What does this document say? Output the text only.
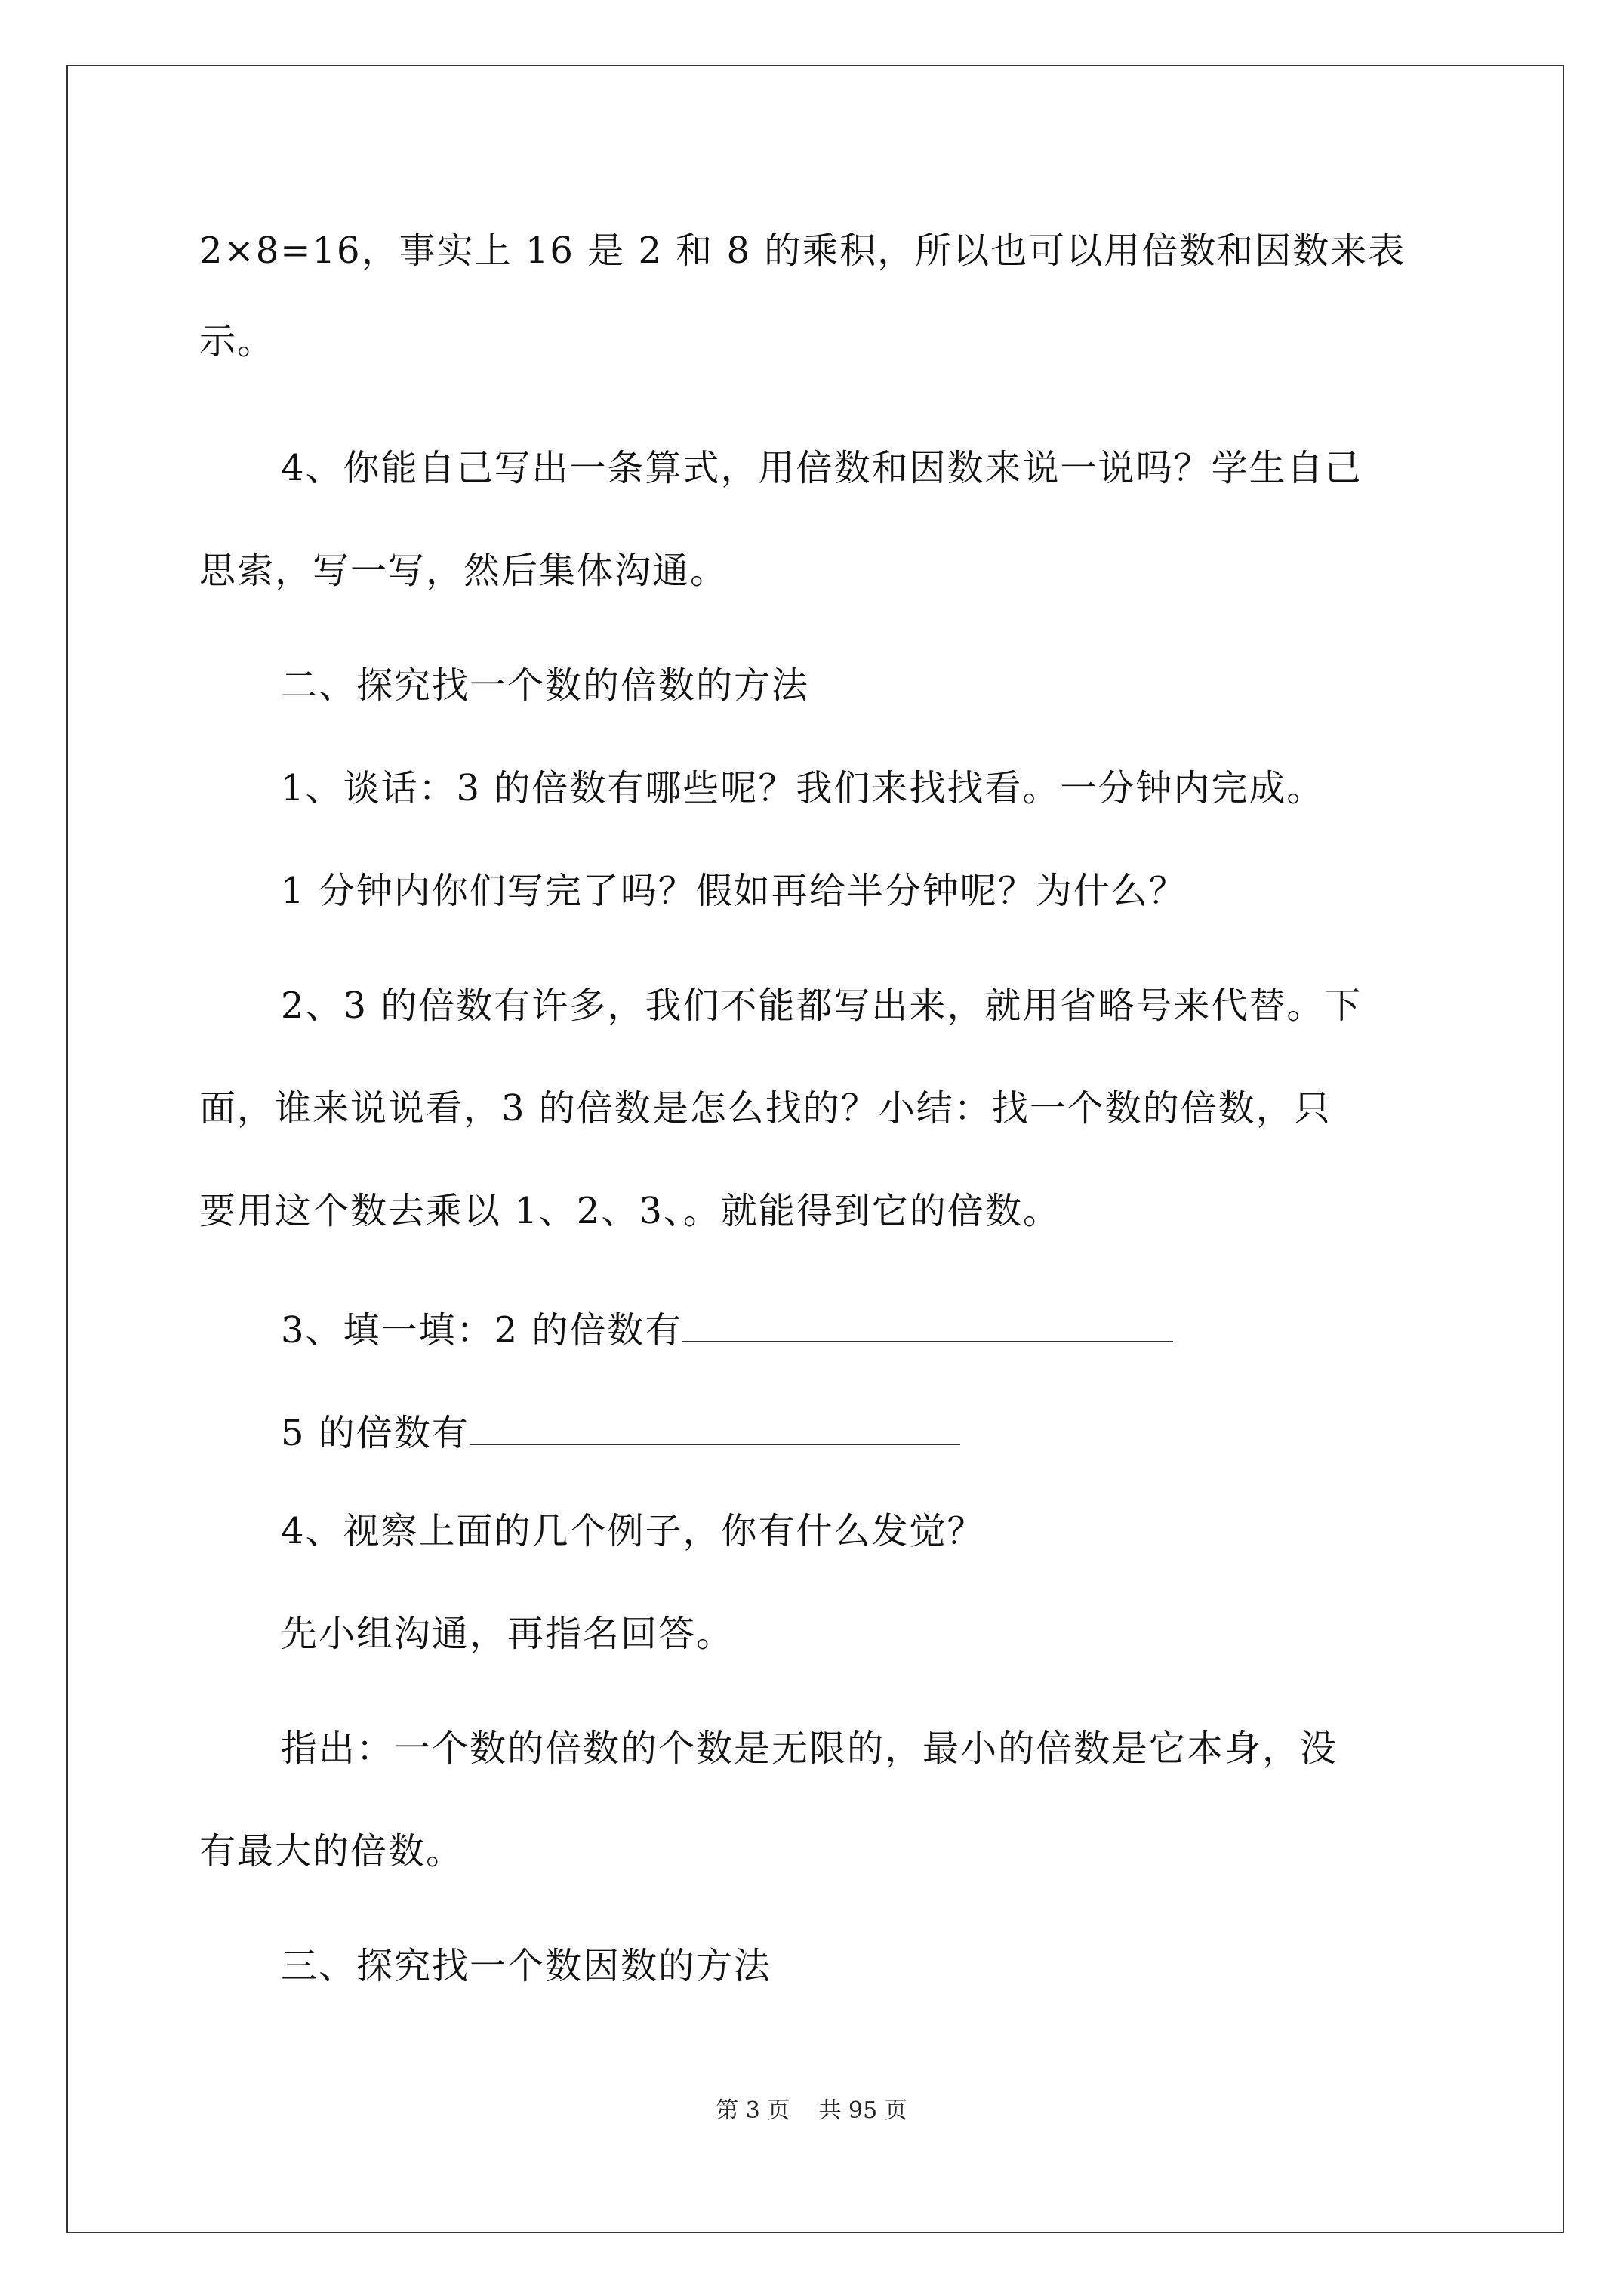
2×8=16，事实上 16 是 2 和 8 的乘积，所以也可以用倍数和因数来表
示。
4、你能自己写出一条算式，用倍数和因数来说一说吗？学生自己
思索，写一写，然后集体沟通。
二、探究找一个数的倍数的方法
1、谈话：3 的倍数有哪些呢？我们来找找看。一分钟内完成。
1 分钟内你们写完了吗？假如再给半分钟呢？为什么？
2、3 的倍数有许多，我们不能都写出来，就用省略号来代替。下
面，谁来说说看，3 的倍数是怎么找的？小结：找一个数的倍数，只
要用这个数去乘以 1、2、3、。就能得到它的倍数。
3、填一填：2 的倍数有
5 的倍数有
4、视察上面的几个例子，你有什么发觉？
先小组沟通，再指名回答。
指出：一个数的倍数的个数是无限的，最小的倍数是它本身，没
有最大的倍数。
三、探究找一个数因数的方法
第 3 页    共 95 页
